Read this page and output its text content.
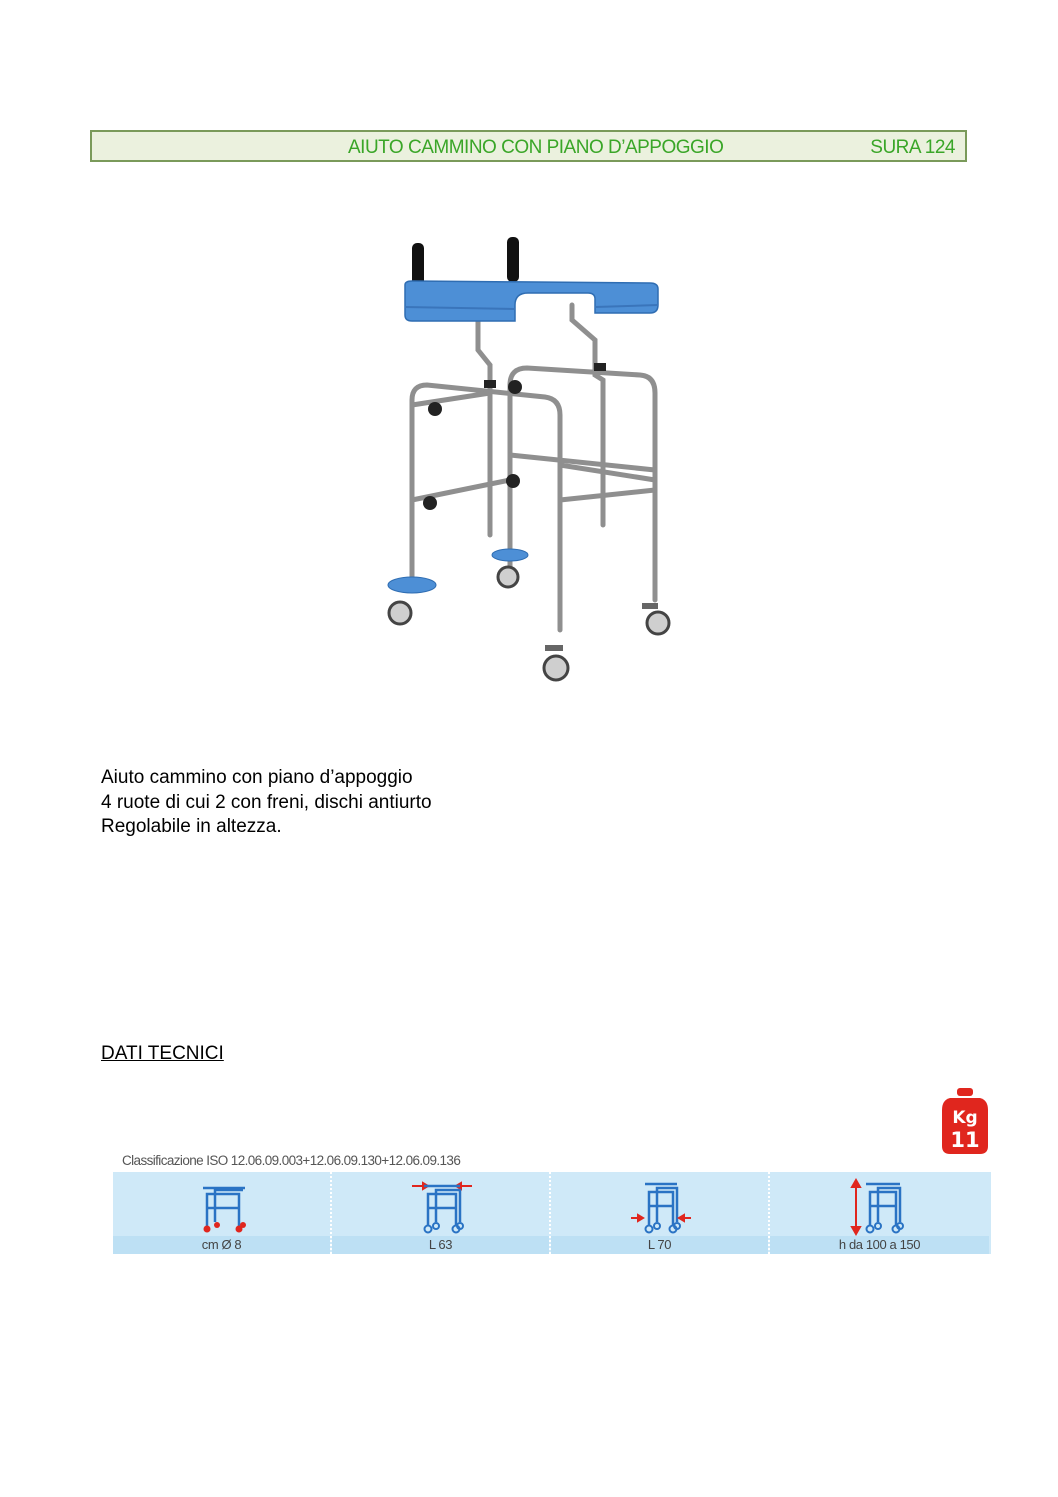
AIUTO CAMMINO CON PIANO D’APPOGGIO	SURA 124
Aiuto cammino con piano d’appoggio
4 ruote di cui 2 con freni, dischi antiurto
Regolabile in altezza.
DATI TECNICI
Kg
11
Classificazione ISO 12.06.09.003+12.06.09.130+12.06.09.136
cm Ø 8	L 63	L 70	h da 100 a 150
